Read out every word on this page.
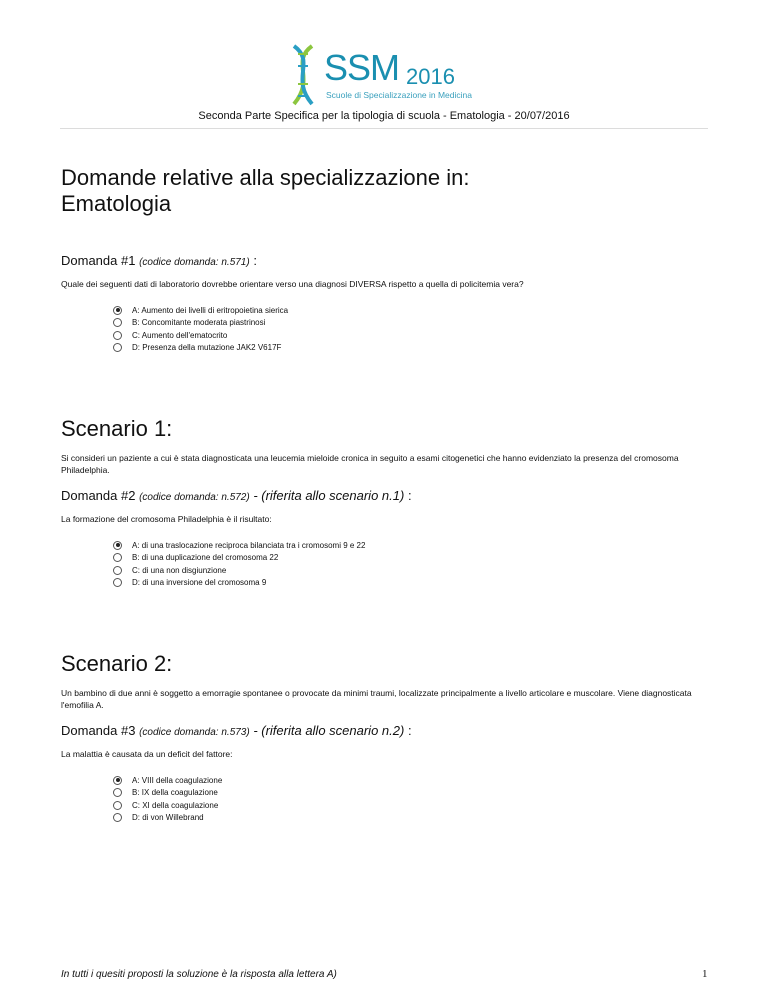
SSM 2016
Scuole di Specializzazione in Medicina
Seconda Parte Specifica per la tipologia di scuola - Ematologia - 20/07/2016
Domande relative alla specializzazione in:
Ematologia
Domanda #1 (codice domanda: n.571) :

Quale dei seguenti dati di laboratorio dovrebbe orientare verso una diagnosi DIVERSA rispetto a quella di policitemia vera?

A: Aumento dei livelli di eritropoietina sierica
B: Concomitante moderata piastrinosi
C: Aumento dell'ematocrito
D: Presenza della mutazione JAK2 V617F
Scenario 1:

Si consideri un paziente a cui è stata diagnosticata una leucemia mieloide cronica in seguito a esami citogenetici che hanno evidenziato la presenza del cromosoma Philadelphia.

Domanda #2 (codice domanda: n.572) - (riferita allo scenario n.1) :

La formazione del cromosoma Philadelphia è il risultato:

A: di una traslocazione reciproca bilanciata tra i cromosomi 9 e 22
B: di una duplicazione del cromosoma 22
C: di una non disgiunzione
D: di una inversione del cromosoma 9
Scenario 2:

Un bambino di due anni è soggetto a emorragie spontanee o provocate da minimi traumi, localizzate principalmente a livello articolare e muscolare. Viene diagnosticata l'emofilia A.

Domanda #3 (codice domanda: n.573) - (riferita allo scenario n.2) :

La malattia è causata da un deficit del fattore:

A: VIII della coagulazione
B: IX della coagulazione
C: XI della coagulazione
D: di von Willebrand
In tutti i quesiti proposti la soluzione è la risposta alla lettera A)	1
